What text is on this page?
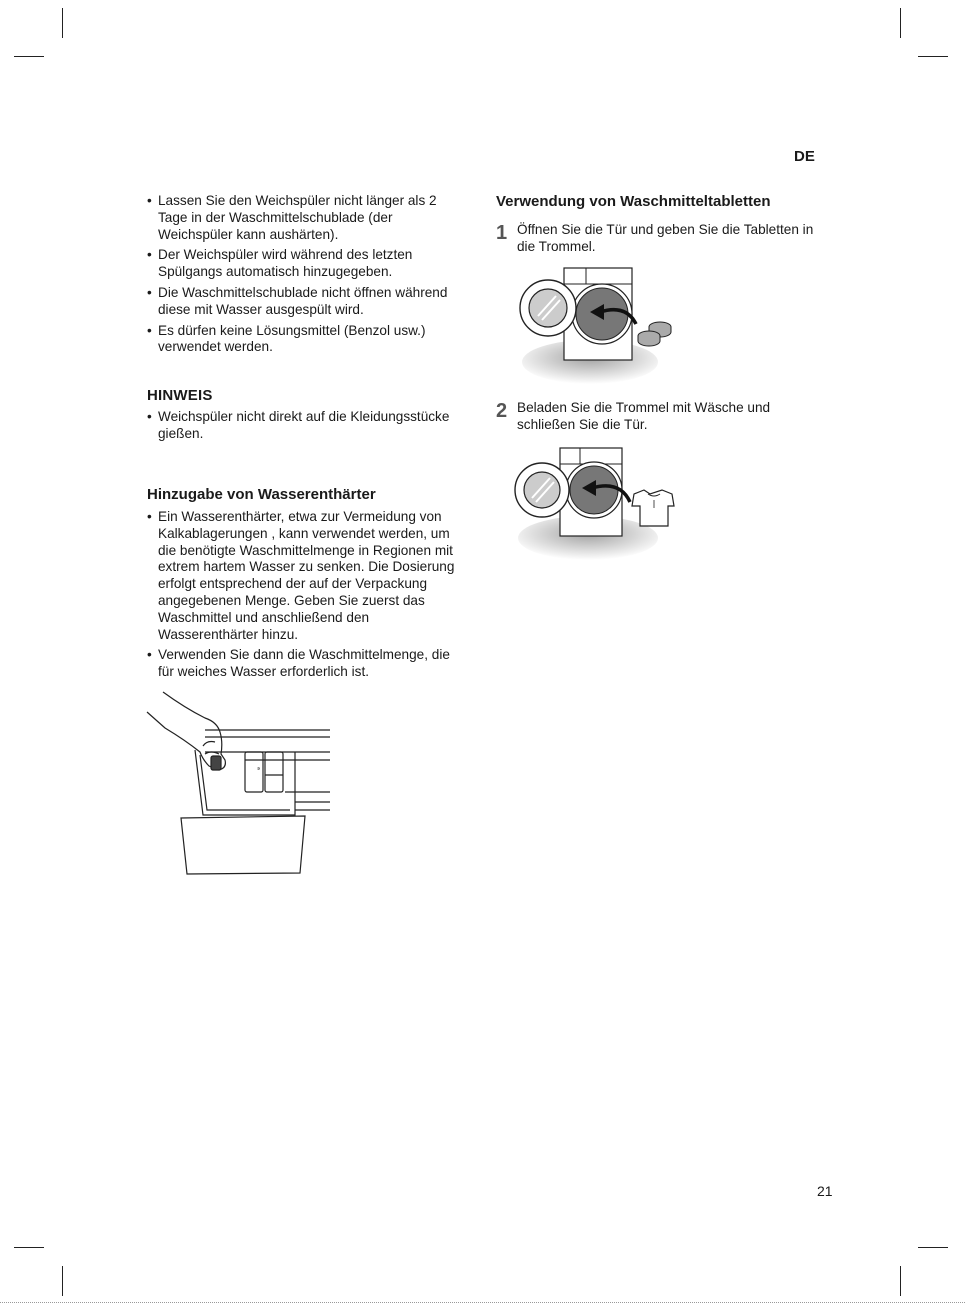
DE
• Lassen Sie den Weichspüler nicht länger als 2 Tage in der Waschmittelschublade (der Weichspüler kann aushärten).
• Der Weichspüler wird während des letzten Spülgangs automatisch hinzugegeben.
• Die Waschmittelschublade nicht öffnen während diese mit Wasser ausgespült wird.
• Es dürfen keine Lösungsmittel (Benzol usw.) verwendet werden.
HINWEIS
• Weichspüler nicht direkt auf die Kleidungsstücke gießen.
Hinzugabe von Wasserenthärter
• Ein Wasserenthärter, etwa zur Vermeidung von Kalkablagerungen , kann verwendet werden, um die benötigte Waschmittelmenge in Regionen mit extrem hartem Wasser zu senken. Die Dosierung erfolgt entsprechend der auf der Verpackung angegebenen Menge. Geben Sie zuerst das Waschmittel und anschließend den Wasserenthärter hinzu.
• Verwenden Sie dann die Waschmittelmenge, die für weiches Wasser erforderlich ist.
✲
Verwendung von Waschmitteltabletten
1 Öffnen Sie die Tür und geben Sie die Tabletten in die Trommel.
2 Beladen Sie die Trommel mit Wäsche und schließen Sie die Tür.
21
